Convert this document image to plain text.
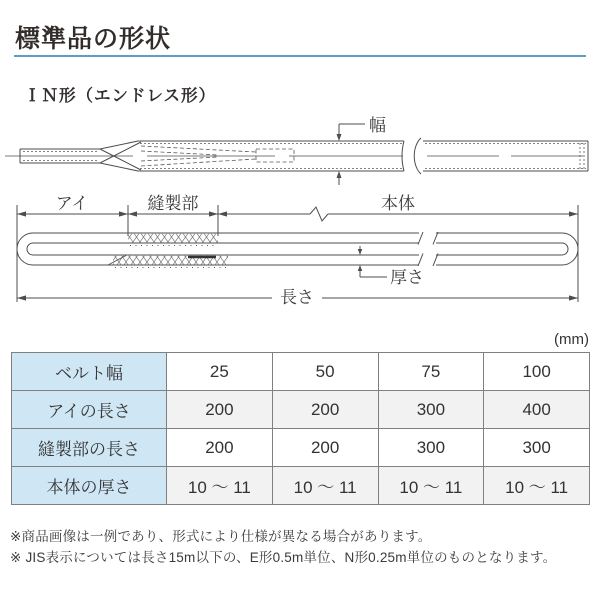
標準品の形状
ＩＮ形（エンドレス形）
幅
アイ	縫製部	本体
厚さ
長さ
(mm)
ベルト幅	25	50	75	100
アイの長さ	200	200	300	400
縫製部の長さ	200	200	300	300
本体の厚さ	10 ～ 11	10 ～ 11	10 ～ 11	10 ～ 11

※商品画像は一例であり、形式により仕様が異なる場合があります。

※ JIS表示については長さ15m以下の、E形0.5m単位、N形0.25m単位のものとなります。
